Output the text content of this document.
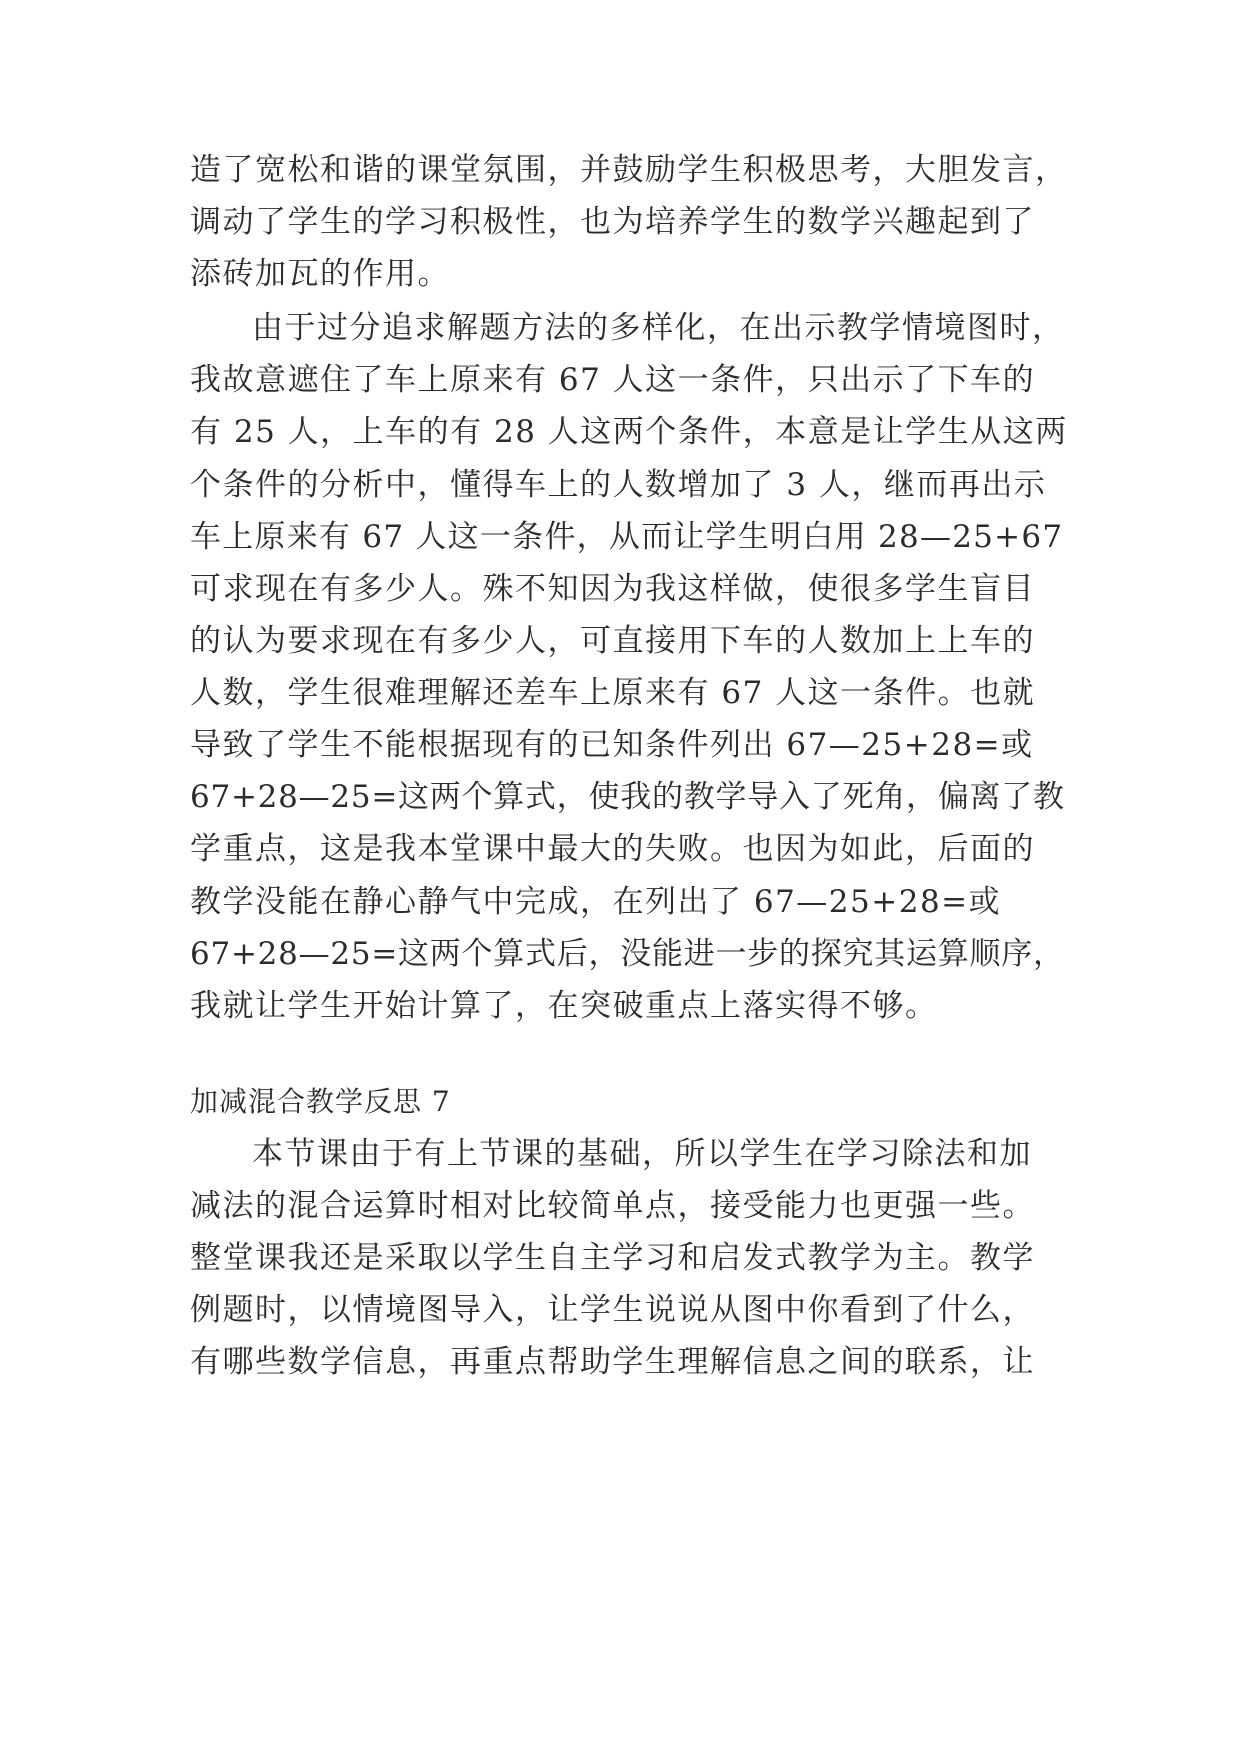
造了宽松和谐的课堂氛围，并鼓励学生积极思考，大胆发言，
调动了学生的学习积极性，也为培养学生的数学兴趣起到了
添砖加瓦的作用。
由于过分追求解题方法的多样化，在出示教学情境图时，
我故意遮住了车上原来有 67 人这一条件，只出示了下车的
有 25 人，上车的有 28 人这两个条件，本意是让学生从这两
个条件的分析中，懂得车上的人数增加了 3 人，继而再出示
车上原来有 67 人这一条件，从而让学生明白用 28—25+67
可求现在有多少人。殊不知因为我这样做，使很多学生盲目
的认为要求现在有多少人，可直接用下车的人数加上上车的
人数，学生很难理解还差车上原来有 67 人这一条件。也就
导致了学生不能根据现有的已知条件列出 67—25+28=或
67+28—25=这两个算式，使我的教学导入了死角，偏离了教
学重点，这是我本堂课中最大的失败。也因为如此，后面的
教学没能在静心静气中完成，在列出了 67—25+28=或
67+28—25=这两个算式后，没能进一步的探究其运算顺序，
我就让学生开始计算了，在突破重点上落实得不够。
加减混合教学反思 7
本节课由于有上节课的基础，所以学生在学习除法和加
减法的混合运算时相对比较简单点，接受能力也更强一些。
整堂课我还是采取以学生自主学习和启发式教学为主。教学
例题时，以情境图导入，让学生说说从图中你看到了什么，
有哪些数学信息，再重点帮助学生理解信息之间的联系，让
